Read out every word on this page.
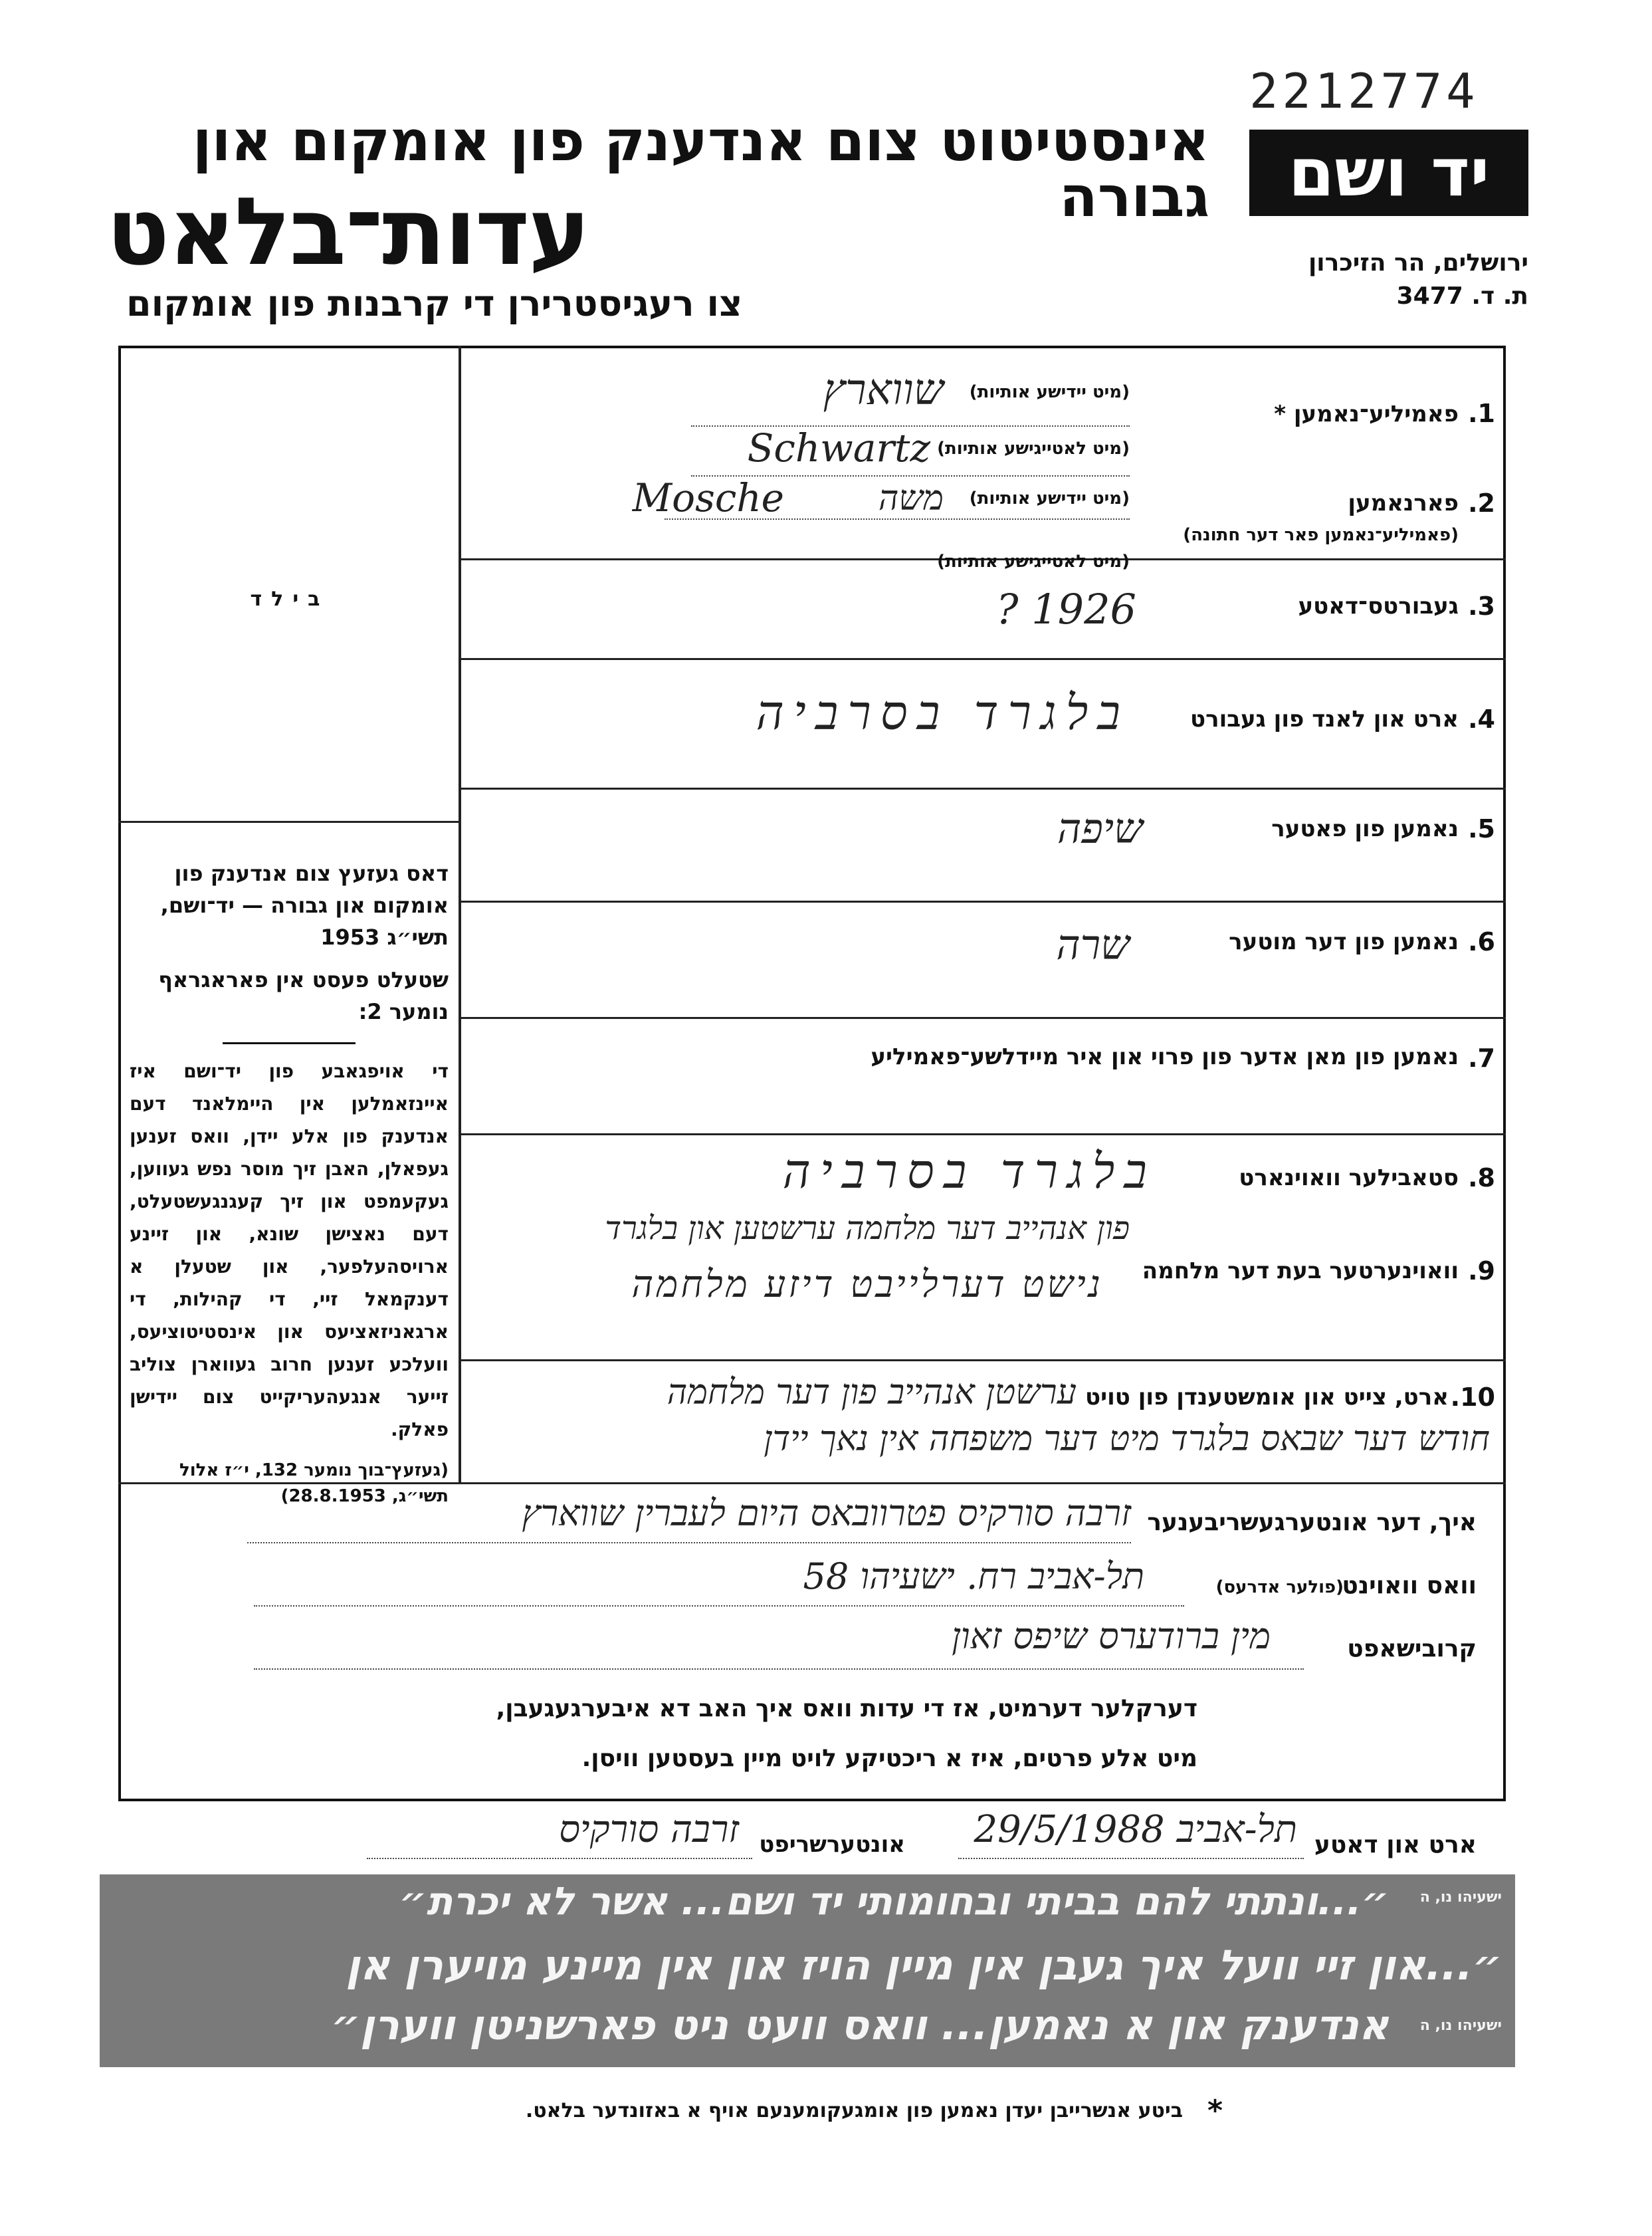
2212774
אינסטיטוט צום אנדענק פון אומקום און גבורה
עדות־בלאט
צו רעגיסטרירן די קרבנות פון אומקום
יד ושם
ירושלים, הר הזיכרון
ת. ד. 3477
בילד
דאס געזעץ צום אנדענק פון אומקום און גבורה — יד־ושם, תשי״ג 1953
שטעלט פעסט אין פאראגראף נומער 2:
די אויפגאבע פון יד־ושם איז איינזאמלען אין היימלאנד דעם אנדענק פון אלע יידן, וואס זענען געפאלן, האבן זיך מוסר נפש געווען, געקעמפט און זיך קעגנגעשטעלט, דעם נאצישן שונא, און זיינע ארויסהעלפער, און שטעלן א דענקמאל זיי, די קהילות, די ארגאניזאציעס און אינסטיטוציעס, וועלכע זענען חרוב געווארן צוליב זייער אנגעהעריקייט צום יידישן פאלק.
(געזעץ־בוך נומער 132, י״ז אלול תשי״ג, 28.8.1953)
1.
פאמיליע־נאמען *
(מיט יידישע אותיות)
שווארץ
(מיט לאטייגישע אותיות)
Schwartz
2.
פארנאמען
(פאמיליע־נאמען פאר דער חתונה)
(מיט יידישע אותיות)
משה
Mosche
(מיט לאטייגישע אותיות)
3.
געבורטס־דאטע
? 1926
4.
ארט און לאנד פון געבורט
בלגרד בסרביה
5.
נאמען פון פאטער
שיפה
6.
נאמען פון דער מוטער
שרה
7.
נאמען פון מאן אדער פון פרוי און איר מיידלשע־פאמיליע
8.
סטאבילער וואוינארט
בלגרד בסרביה
9.
וואוינערטער בעת דער מלחמה
פון אנהייב דער מלחמה ערשטען און בלגרד
נישט דערלייבט דיזע מלחמה
10.
ארט, צייט און אומשטענדן פון טויט
ערשטן אנהייב פון דער מלחמה
חודש דער שבאס בלגרד מיט דער משפחה אין נאך יידן
איך, דער אונטערגעשריבענער
זרבה סורקיס פטרוובאס היום לעברין שווארץ
וואס וואוינט
(פולער אדרעס)
תל-אביב רח. ישעיהו 58
קרובישאפט
מין ברודערס שיפס זאון
דערקלער דערמיט, אז די עדות וואס איך האב דא איבערגעגעבן,
מיט אלע פרטים, איז א ריכטיקע לויט מיין בעסטען וויסן.
ארט און דאטע
תל-אביב 29/5/1988
אונטערשריפט
זרבה סורקיס
ישעיהו נו, ה
״...ונתתי להם בביתי ובחומותי יד ושם... אשר לא יכרת״
״...און זיי וועל איך געבן אין מיין הויז און אין מיינע מויערן אן
ישעיהו נו, ה
אנדענק און א נאמען... וואס וועט ניט פארשניטן ווערן״
*
ביטע אנשרייבן יעדן נאמען פון אומגעקומענעם אויף א באזונדער בלאט.
